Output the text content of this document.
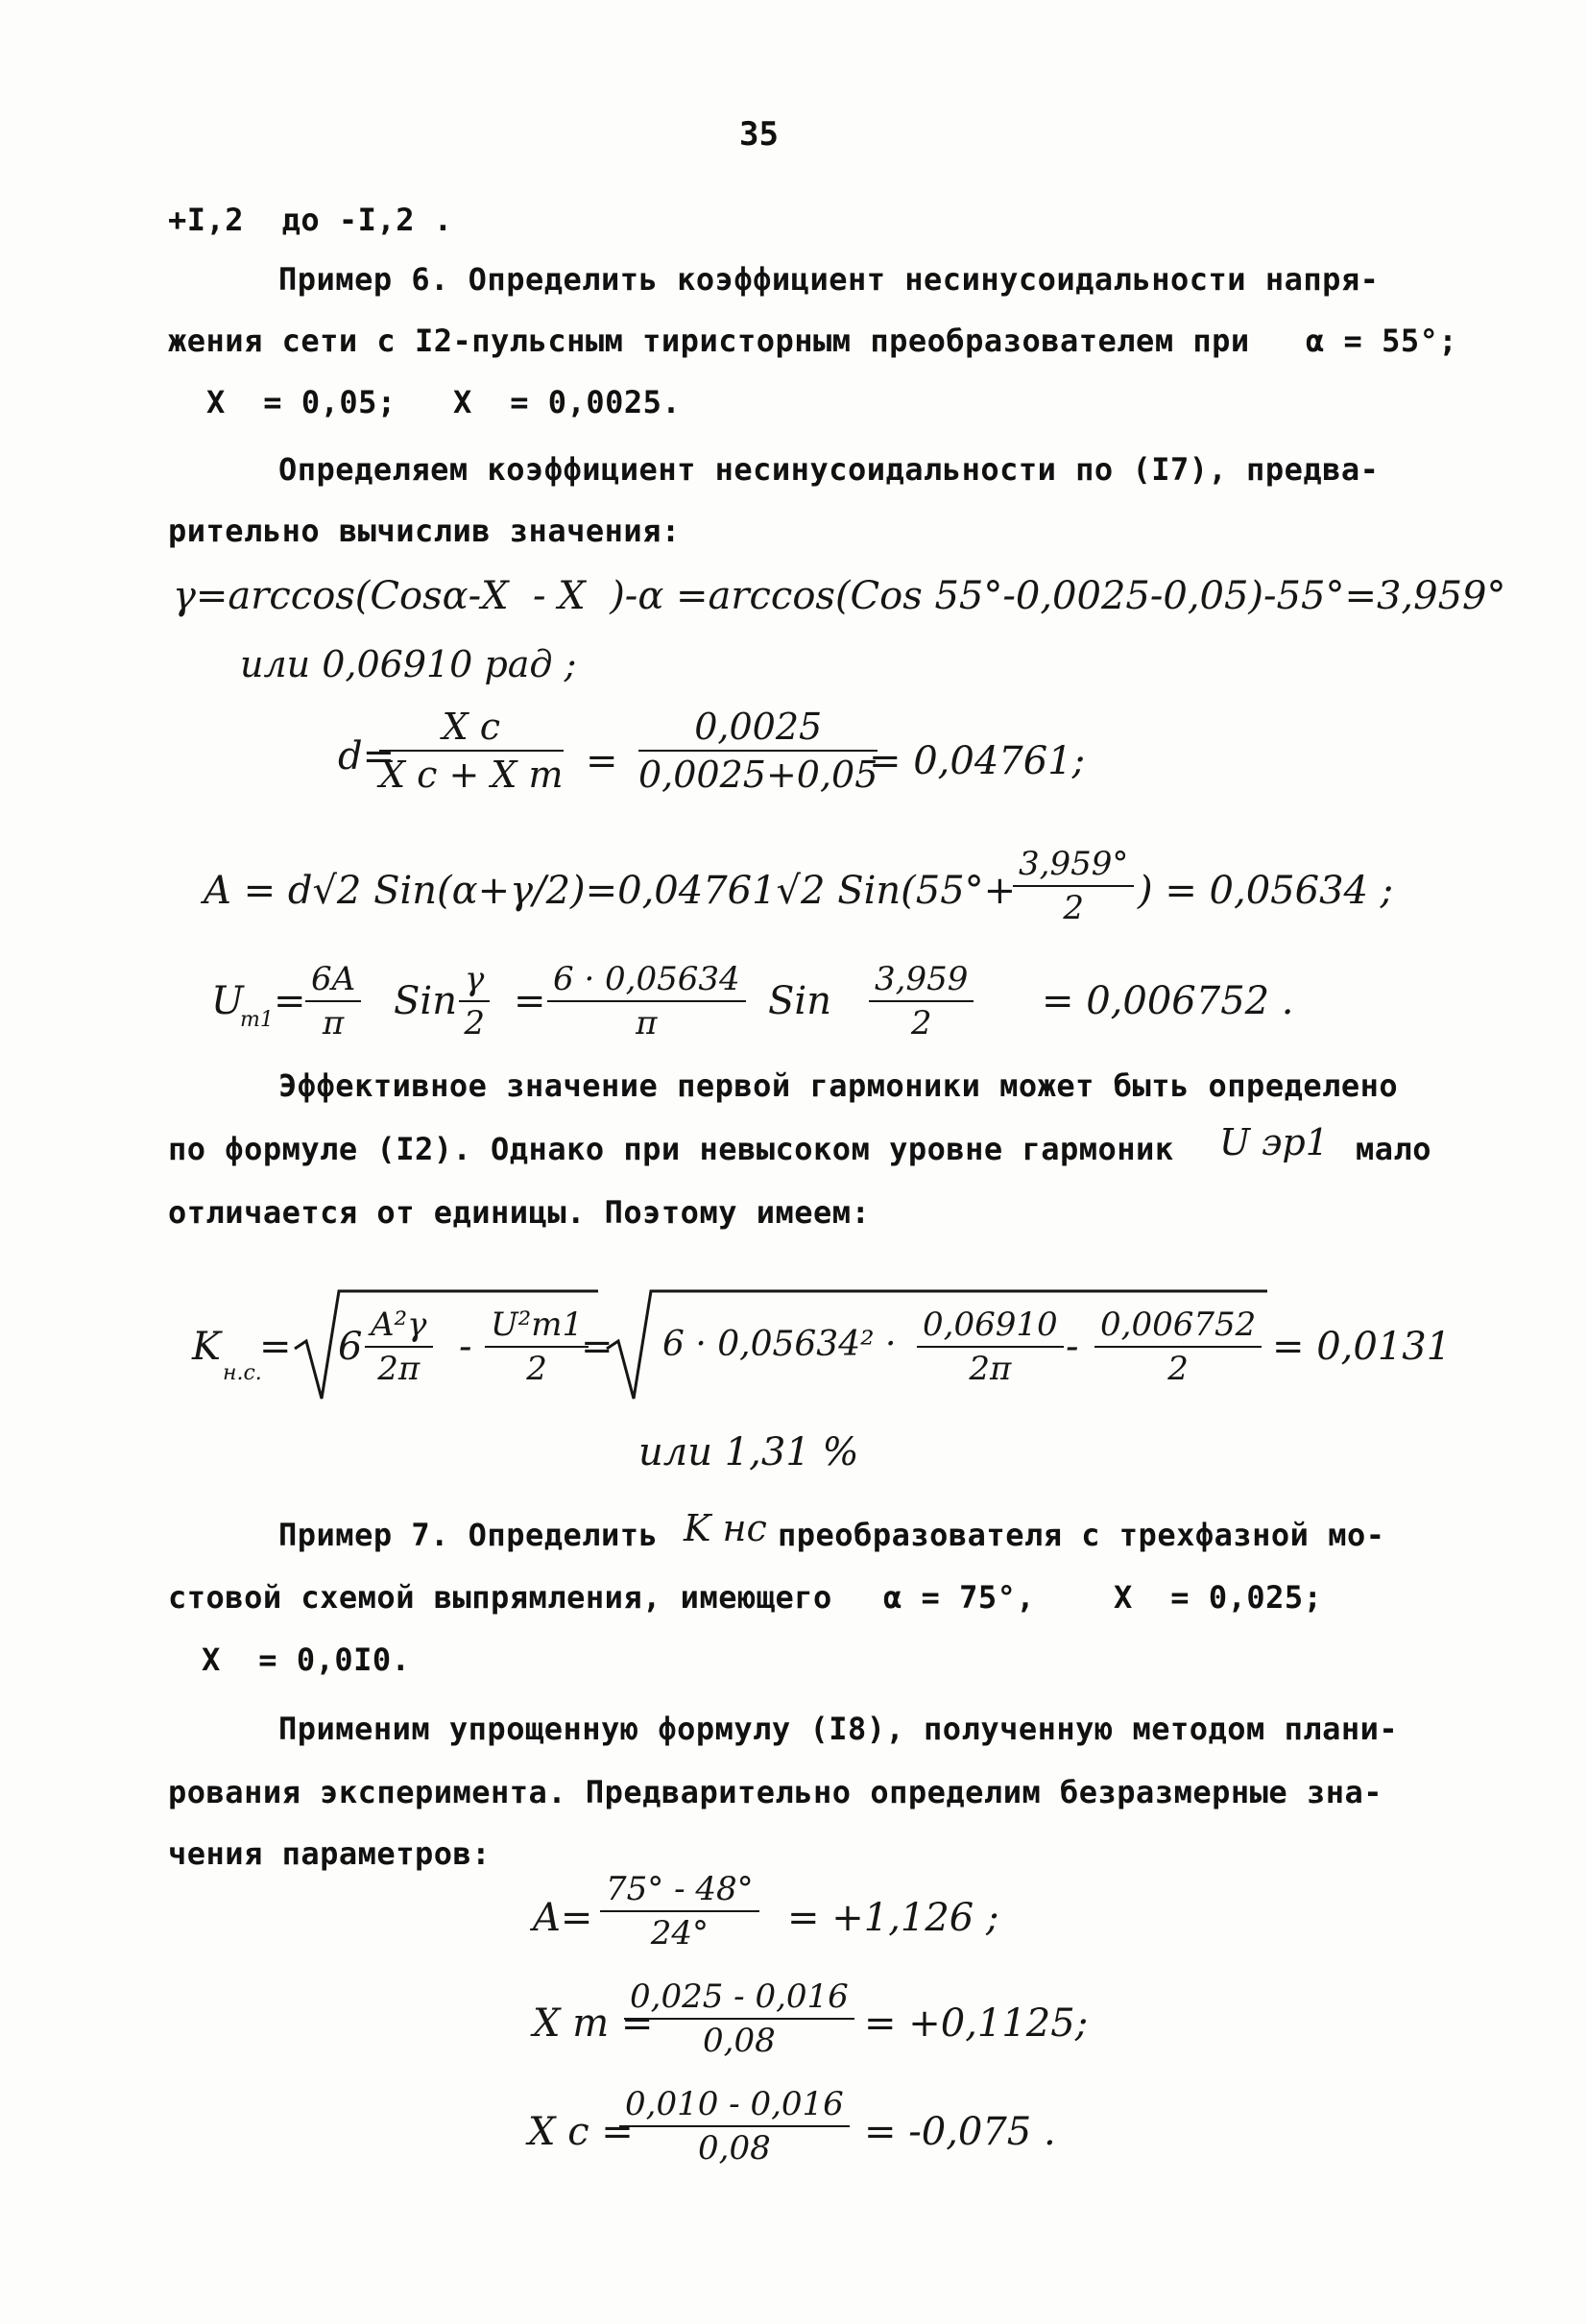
35
+I,2  до -I,2 .
Пример 6. Определить коэффициент несинусоидальности напря-
жения сети с I2-пульсным тиристорным преобразователем при α = 55°;
X  = 0,05;   X  = 0,0025.
Определяем коэффициент несинусоидальности по (I7), предва-
рительно вычислив значения:
γ=arccos(Cosα-X  - X  )-α =arccos(Cos 55°-0,0025-0,05)-55°=3,959°
или 0,06910 рад ;
d=
X c
X c + X $т = \frac{0,0025}{0,0025+0,05}$
= 0,04761;
A = d√2 Sin(α+γ/2)=0,04761√2 Sin(55°+
$\frac{3,959^\circ}{2}$ ) = 0,05634 ;
U
$m1 = \frac{6A}{\pi}$ Sin $\frac{\gamma}{2} = \frac{6 \cdot 0,05634}{\pi}$ Sin $\frac{3,959}{2} = 0,006752$ .
Эффективное значение первой гармоники может быть определено
по формуле (I2). Однако при невысоком уровне гармоник U эр1 мало
отличается от единицы. Поэтому имеем:
K
н.с.
= $6 \frac{\text{A²γ}}{2\pi} - \frac{\text{U²m1}}{2}$
= $6 \cdot 0,05634^2 \cdot \frac{0,06910}{2\pi} - \frac{0,006752}{2} = 0,0131$
или 1,31 %
Пример 7. Определить K нс преобразователя с трехфазной мо-
стовой схемой выпрямления, имеющего α = 75°,	X  = 0,025;
X  = 0,0I0.
Применим упрощенную формулу (I8), полученную методом плани-
рования эксперимента. Предварительно определим безразмерные зна-
чения параметров:
$A= \frac{75^\circ - 48^\circ}{24^\circ} = +1,126$ ;
X т =
$\frac{0,025 - 0,016}{0,08} = +0,1125$;
X c =
$\frac{0,010 - 0,016}{0,08} = -0,075$ .
